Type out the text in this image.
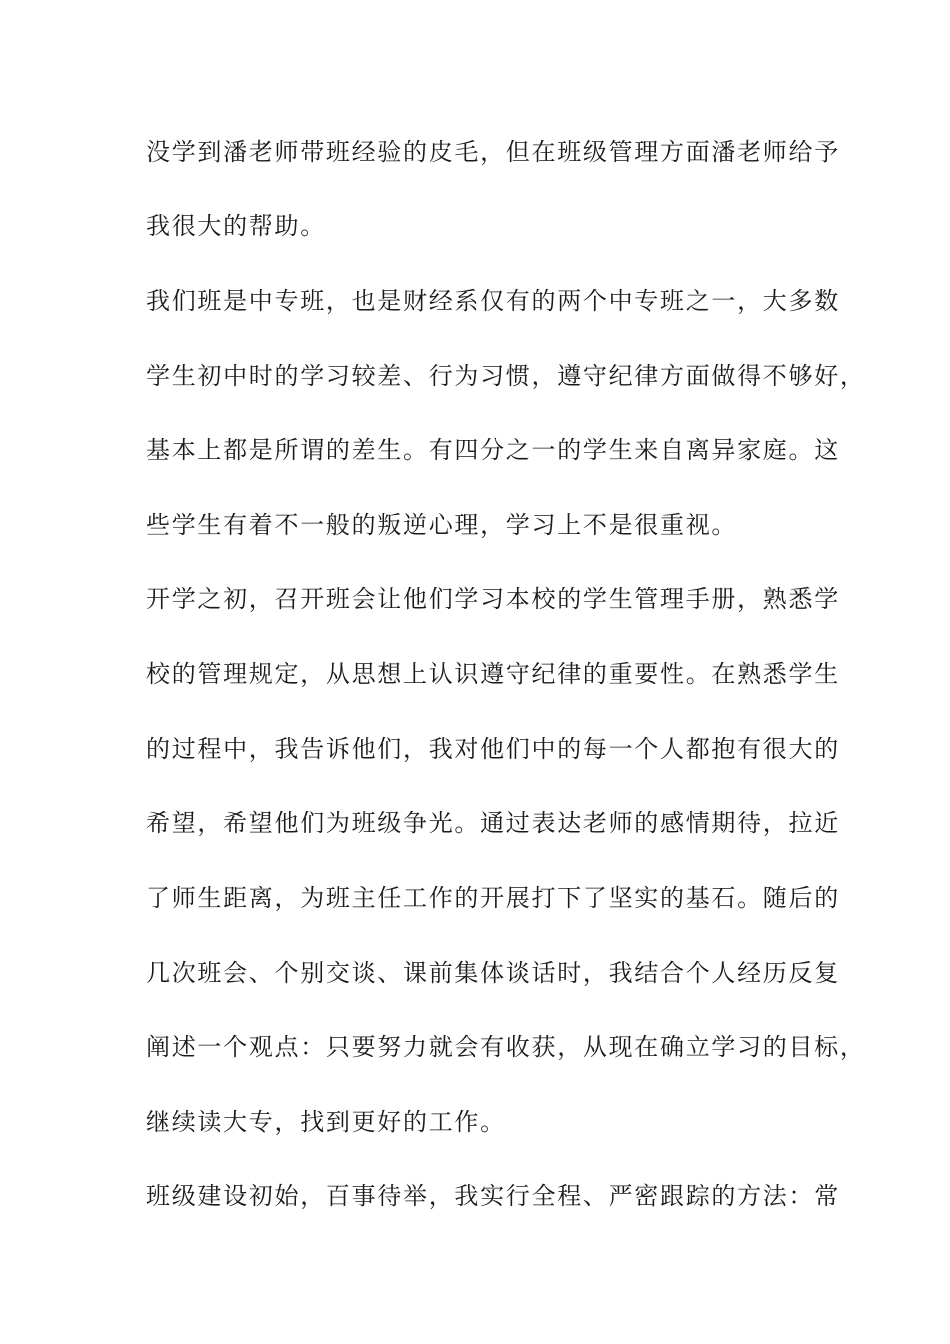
没学到潘老师带班经验的皮毛，但在班级管理方面潘老师给予
我很大的帮助。
我们班是中专班，也是财经系仅有的两个中专班之一，大多数
学生初中时的学习较差、行为习惯，遵守纪律方面做得不够好，
基本上都是所谓的差生。有四分之一的学生来自离异家庭。这
些学生有着不一般的叛逆心理，学习上不是很重视。
开学之初，召开班会让他们学习本校的学生管理手册，熟悉学
校的管理规定，从思想上认识遵守纪律的重要性。在熟悉学生
的过程中，我告诉他们，我对他们中的每一个人都抱有很大的
希望，希望他们为班级争光。通过表达老师的感情期待，拉近
了师生距离，为班主任工作的开展打下了坚实的基石。随后的
几次班会、个别交谈、课前集体谈话时，我结合个人经历反复
阐述一个观点：只要努力就会有收获，从现在确立学习的目标，
继续读大专，找到更好的工作。
班级建设初始，百事待举，我实行全程、严密跟踪的方法：常
